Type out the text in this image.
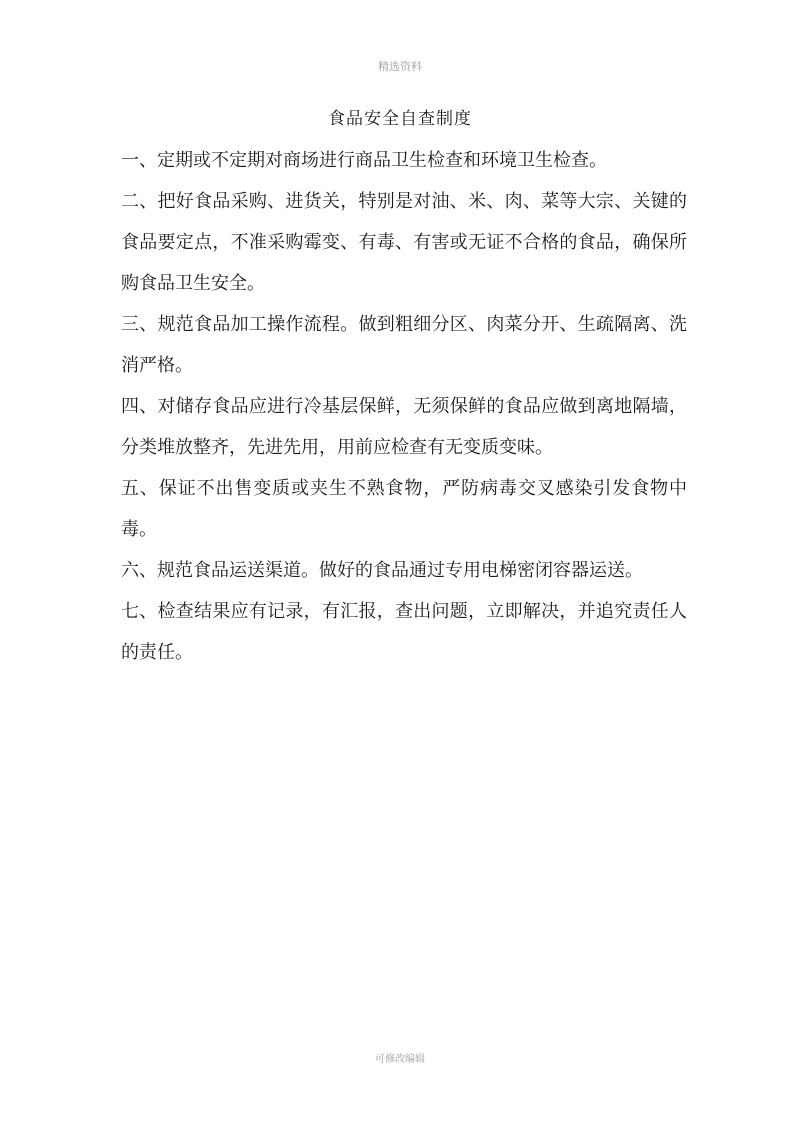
精选资料
食品安全自查制度

一、定期或不定期对商场进行商品卫生检查和环境卫生检查。

二、把好食品采购、进货关，特别是对油、米、肉、菜等大宗、关键的食品要定点，不准采购霉变、有毒、有害或无证不合格的食品，确保所购食品卫生安全。

三、规范食品加工操作流程。做到粗细分区、肉菜分开、生疏隔离、洗消严格。

四、对储存食品应进行冷基层保鲜，无须保鲜的食品应做到离地隔墙，分类堆放整齐，先进先用，用前应检查有无变质变味。

五、保证不出售变质或夹生不熟食物，严防病毒交叉感染引发食物中毒。

六、规范食品运送渠道。做好的食品通过专用电梯密闭容器运送。

七、检查结果应有记录，有汇报，查出问题，立即解决，并追究责任人的责任。

可修改编辑
